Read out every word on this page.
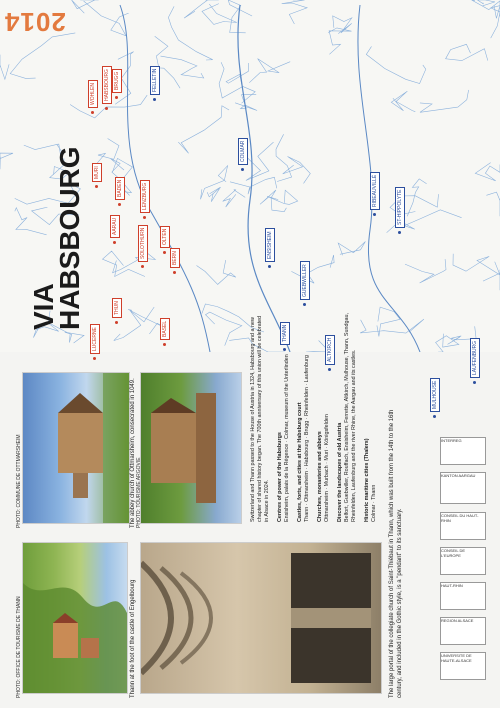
2014
VIA
HABSBOURG
BRUGG
HABSBOURG
WOHLEN
MURI
BADEN	LENZBURG
AARAU
OLTEN
SOLOTHURN	BERN
THUN
BASEL
LUCERNE
COLMAR
MULHOUSE
ENSISHEIM
THANN
GUEBWILLER
ALTKIRCH
RIBEAUVILLÉ	ST-HIPPOLYTE
LAUFENBURG
FELLETIN
Thann at the foot of the castle of Engelbourg
PHOTO: OFFICE DE TOURISME DE THANN	The large portal of the collegiate church of Saint-Thiébaut in Thann, which was built from the 14th to the 16th century, and included in the Gothic style, is a "pendant" to its sanctuary.
The abbey church of Ottmarsheim, consecrated in 1049.
PHOTO: COMMUNE DE OTTMARSHEIM	PHOTO: TOURISME ARGOVIE	Switzerland and Thann passed to the House of Austria in 1324, Habsbourg and a new chapter of shared history began. The 700th anniversary of this union will be celebrated in Alsace in 2024. Centres of power of the Habsburgs
Ensisheim, palais de la Régence · Colmar, museum of the Unterlinden Castles, forts, and cities at the Habsburg court
Thann · Ottmarsheim · Habsbourg · Brugg · Rheinfelden · Laufenburg Churches, monasteries and abbeys
Ottmarsheim · Murbach · Muri · Königsfelden Discover the landscapes of old Austria
Belfort, Guebwiller, Rouffach, Ensisheim, Ferrette, Altkirch, Mulhouse, Thann, Sundgau, Rheinfelden, Laufenburg and the river Rhine, the Aargau and its castles. Historic maritime cities (Thalers)
Colmar · Thann

UNIVERSITE DE HAUTE-ALSACE
REGION ALSACE
HAUT-RHIN
CONSEIL DE L'EUROPE
CONSEIL DU HAUT-RHIN
KANTON AARGAU
INTERREG
